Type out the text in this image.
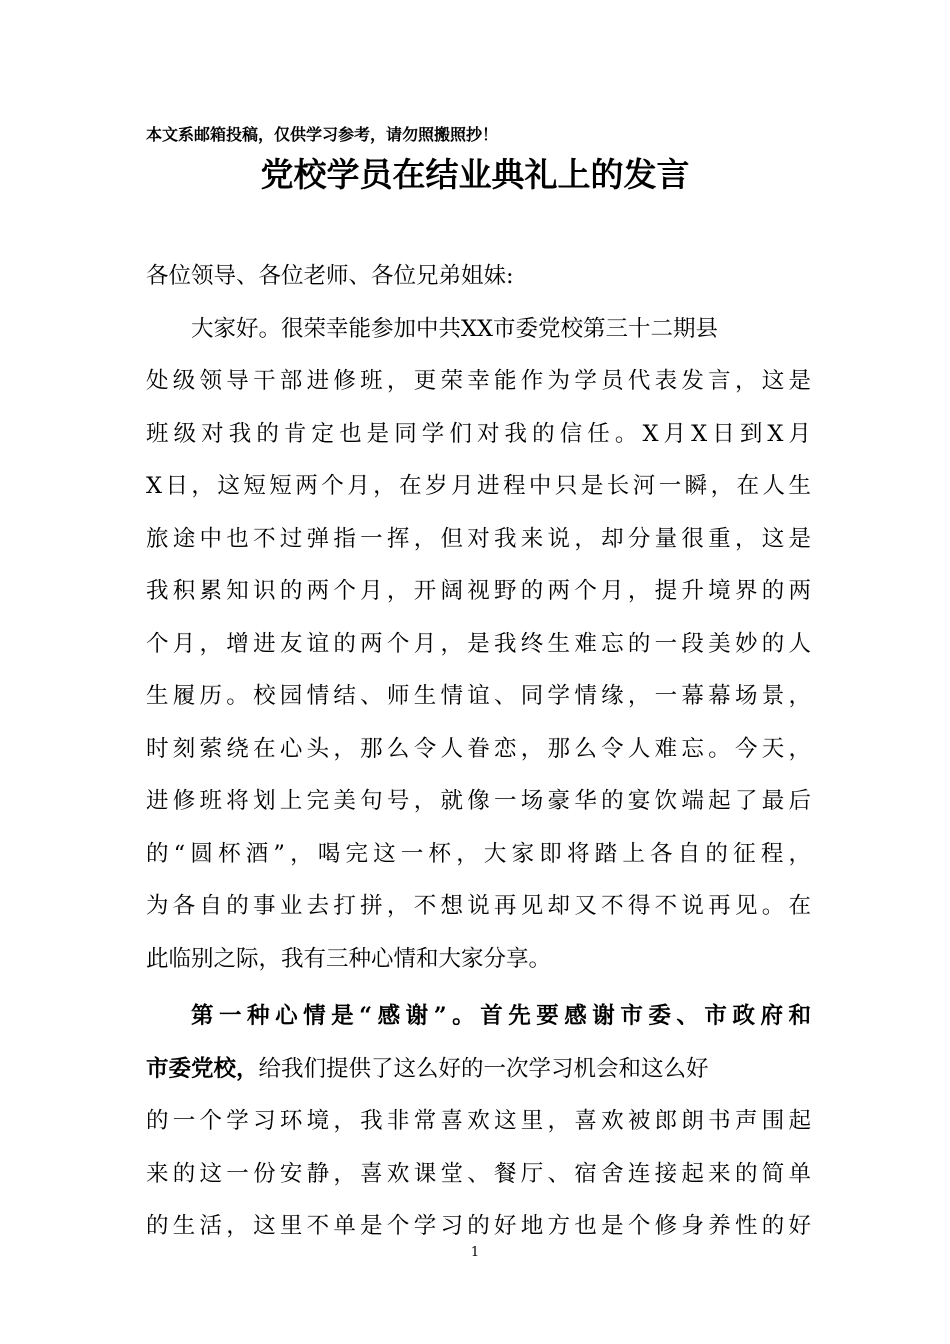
本文系邮箱投稿，仅供学习参考，请勿照搬照抄！
党校学员在结业典礼上的发言
各位领导、各位老师、各位兄弟姐妹:
大家好。很荣幸能参加中共XX市委党校第三十二期县
处级领导干部进修班，更荣幸能作为学员代表发言，这是
班级对我的肯定也是同学们对我的信任。X月X日到X月
X日，这短短两个月，在岁月进程中只是长河一瞬，在人生
旅途中也不过弹指一挥，但对我来说，却分量很重，这是
我积累知识的两个月，开阔视野的两个月，提升境界的两
个月，增进友谊的两个月，是我终生难忘的一段美妙的人
生履历。校园情结、师生情谊、同学情缘，一幕幕场景，
时刻萦绕在心头，那么令人眷恋，那么令人难忘。今天，
进修班将划上完美句号，就像一场豪华的宴饮端起了最后
的“圆杯酒”，喝完这一杯，大家即将踏上各自的征程，
为各自的事业去打拼，不想说再见却又不得不说再见。在
此临别之际，我有三种心情和大家分享。
第一种心情是“感谢”。首先要感谢市委、市政府和
市委党校，给我们提供了这么好的一次学习机会和这么好
的一个学习环境，我非常喜欢这里，喜欢被郎朗书声围起
来的这一份安静，喜欢课堂、餐厅、宿舍连接起来的简单
的生活，这里不单是个学习的好地方也是个修身养性的好
1
